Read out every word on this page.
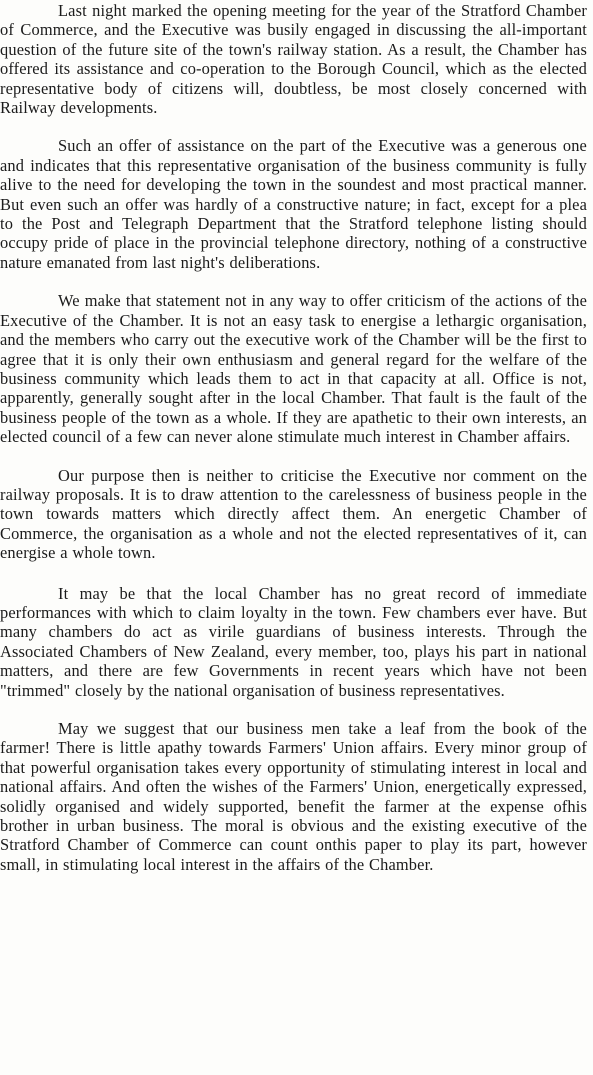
Last night marked the opening meeting for the year of the Stratford Chamber of Commerce, and the Executive was busily engaged in discussing the all-important question of the future site of the town's railway station. As a result, the Chamber has offered its assistance and co-operation to the Borough Council, which as the elected representative body of citizens will, doubtless, be most closely concerned with Railway developments.

Such an offer of assistance on the part of the Executive was a generous one and indicates that this representative organisation of the business community is fully alive to the need for developing the town in the soundest and most practical manner. But even such an offer was hardly of a constructive nature; in fact, except for a plea to the Post and Telegraph Department that the Stratford telephone listing should occupy pride of place in the provincial telephone directory, nothing of a constructive nature emanated from last night's deliberations.

We make that statement not in any way to offer criticism of the actions of the Executive of the Chamber. It is not an easy task to energise a lethargic organisation, and the members who carry out the executive work of the Chamber will be the first to agree that it is only their own enthusiasm and general regard for the welfare of the business community which leads them to act in that capacity at all. Office is not, apparently, generally sought after in the local Chamber. That fault is the fault of the business people of the town as a whole. If they are apathetic to their own interests, an elected council of a few can never alone stimulate much interest in Chamber affairs.

Our purpose then is neither to criticise the Executive nor comment on the railway proposals. It is to draw attention to the carelessness of business people in the town towards matters which directly affect them. An energetic Chamber of Commerce, the organisation as a whole and not the elected representatives of it, can energise a whole town.

It may be that the local Chamber has no great record of immediate performances with which to claim loyalty in the town. Few chambers ever have. But many chambers do act as virile guardians of business interests. Through the Associated Chambers of New Zealand, every member, too, plays his part in national matters, and there are few Governments in recent years which have not been "trimmed" closely by the national organisation of business representatives.

May we suggest that our business men take a leaf from the book of the farmer! There is little apathy towards Farmers' Union affairs. Every minor group of that powerful organisation takes every opportunity of stimulating interest in local and national affairs. And often the wishes of the Farmers' Union, energetically expressed, solidly organised and widely supported, benefit the farmer at the expense ofhis brother in urban business. The moral is obvious and the existing executive of the Stratford Chamber of Commerce can count onthis paper to play its part, however small, in stimulating local interest in the affairs of the Chamber.
